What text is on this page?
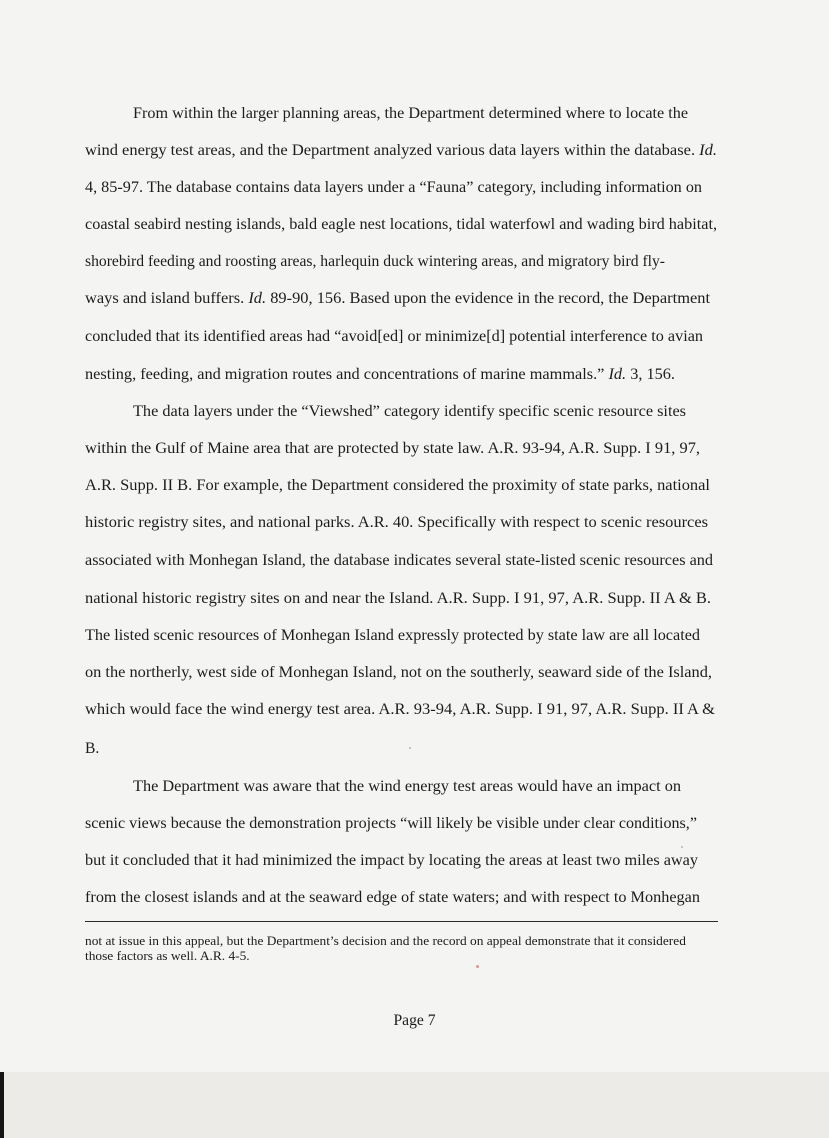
From within the larger planning areas, the Department determined where to locate the
wind energy test areas, and the Department analyzed various data layers within the database. Id.
4, 85-97. The database contains data layers under a “Fauna” category, including information on
coastal seabird nesting islands, bald eagle nest locations, tidal waterfowl and wading bird habitat,
shorebird feeding and roosting areas, harlequin duck wintering areas, and migratory bird fly-
ways and island buffers. Id. 89-90, 156. Based upon the evidence in the record, the Department
concluded that its identified areas had “avoid[ed] or minimize[d] potential interference to avian
nesting, feeding, and migration routes and concentrations of marine mammals.” Id. 3, 156.
The data layers under the “Viewshed” category identify specific scenic resource sites
within the Gulf of Maine area that are protected by state law. A.R. 93-94, A.R. Supp. I 91, 97,
A.R. Supp. II B. For example, the Department considered the proximity of state parks, national
historic registry sites, and national parks. A.R. 40. Specifically with respect to scenic resources
associated with Monhegan Island, the database indicates several state-listed scenic resources and
national historic registry sites on and near the Island. A.R. Supp. I 91, 97, A.R. Supp. II A & B.
The listed scenic resources of Monhegan Island expressly protected by state law are all located
on the northerly, west side of Monhegan Island, not on the southerly, seaward side of the Island,
which would face the wind energy test area. A.R. 93-94, A.R. Supp. I 91, 97, A.R. Supp. II A &
B.
The Department was aware that the wind energy test areas would have an impact on
scenic views because the demonstration projects “will likely be visible under clear conditions,”
but it concluded that it had minimized the impact by locating the areas at least two miles away
from the closest islands and at the seaward edge of state waters; and with respect to Monhegan
not at issue in this appeal, but the Department’s decision and the record on appeal demonstrate that it considered
those factors as well. A.R. 4-5.
Page 7
